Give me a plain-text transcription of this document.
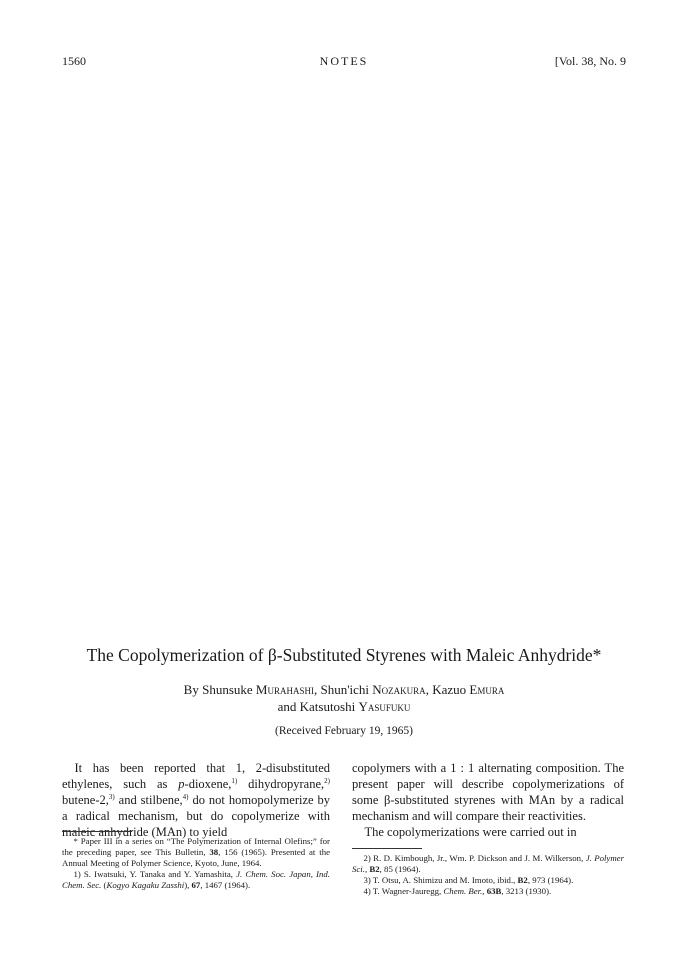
1560	NOTES	[Vol. 38, No. 9
The Copolymerization of β-Substituted Styrenes with Maleic Anhydride*
By Shunsuke Murahashi, Shun'ichi Nozakura, Kazuo Emura
and Katsutoshi Yasufuku
(Received February 19, 1965)

It has been reported that 1, 2-disubstituted ethylenes, such as p-dioxene,$^{1)}$ dihydropyrane,$^{2)}$ butene-2,$^{3)}$ and stilbene,$^{4)}$ do not homopolymerize by a radical mechanism, but do copolymerize with maleic anhydride (MAn) to yield

copolymers with a 1 : 1 alternating composition. The present paper will describe copolymerizations of some β-substituted styrenes with MAn by a radical mechanism and will compare their reactivities.

The copolymerizations were carried out in

* Paper III in a series on “The Polymerization of Internal Olefins;” for the preceding paper, see This Bulletin, 38, 156 (1965). Presented at the Annual Meeting of Polymer Science, Kyoto, June, 1964.

1) S. Iwatsuki, Y. Tanaka and Y. Yamashita, J. Chem. Soc. Japan, Ind. Chem. Sec. (Kogyo Kagaku Zasshi), 67, 1467 (1964).

2) R. D. Kimbough, Jr., Wm. P. Dickson and J. M. Wilkerson, J. Polymer Sci., B2, 85 (1964).

3) T. Otsu, A. Shimizu and M. Imoto, ibid., B2, 973 (1964).

4) T. Wagner-Jauregg, Chem. Ber., 63B, 3213 (1930).
